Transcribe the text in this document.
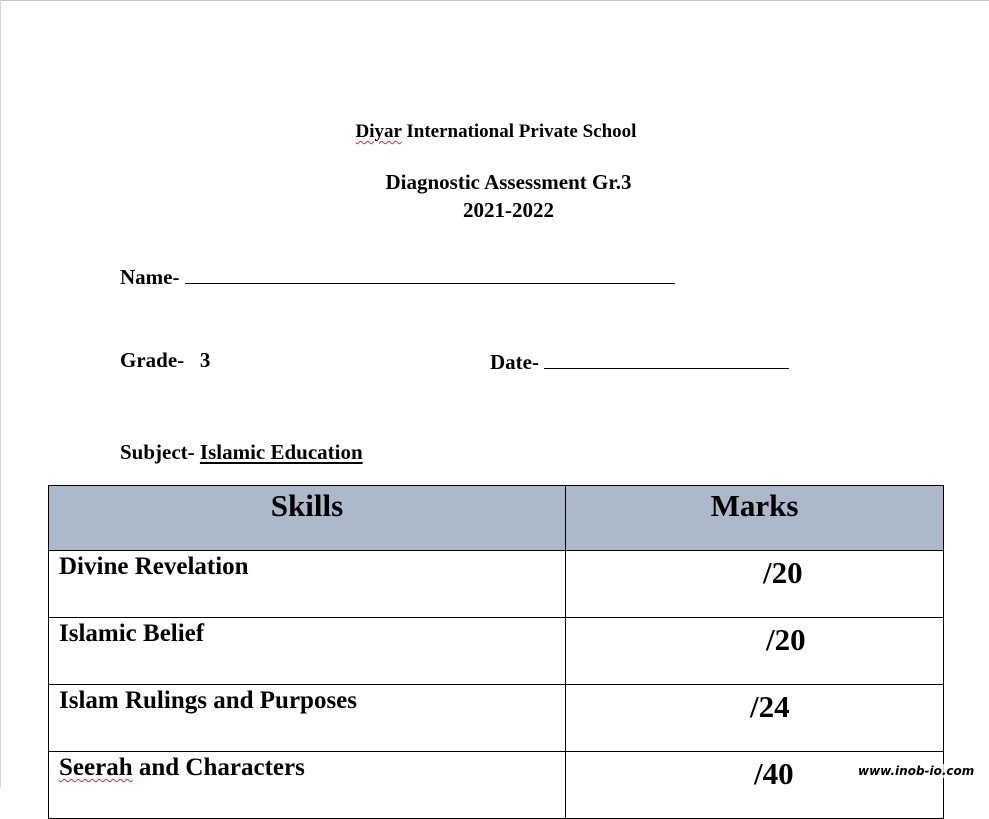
Diyar International Private School
Diagnostic Assessment Gr.3
2021-2022
Name-
Grade- 3	Date-
Subject- Islamic Education
Skills	Marks
Divine Revelation	/20
Islamic Belief	/20
Islam Rulings and Purposes	/24
Seerah and Characters	/40	www.inob-io.com
